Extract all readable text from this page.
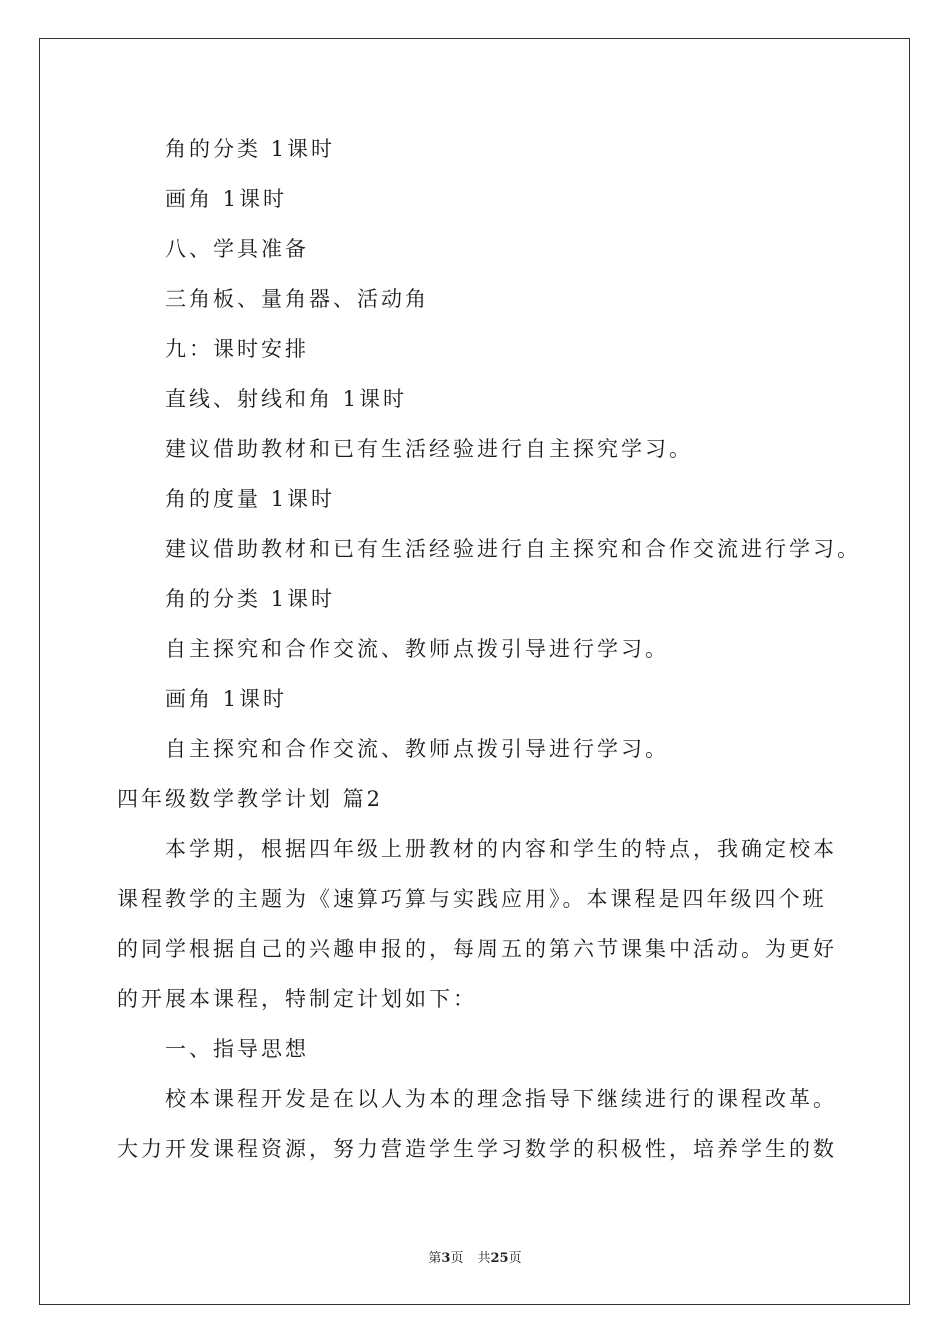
角的分类 1课时
画角 1课时
八、学具准备
三角板、量角器、活动角
九：课时安排
直线、射线和角 1课时
建议借助教材和已有生活经验进行自主探究学习。
角的度量 1课时
建议借助教材和已有生活经验进行自主探究和合作交流进行学习。
角的分类 1课时
自主探究和合作交流、教师点拨引导进行学习。
画角 1课时
自主探究和合作交流、教师点拨引导进行学习。
四年级数学教学计划 篇2
本学期，根据四年级上册教材的内容和学生的特点，我确定校本
课程教学的主题为《速算巧算与实践应用》。本课程是四年级四个班
的同学根据自己的兴趣申报的，每周五的第六节课集中活动。为更好
的开展本课程，特制定计划如下：
一、指导思想
校本课程开发是在以人为本的理念指导下继续进行的课程改革。
大力开发课程资源，努力营造学生学习数学的积极性，培养学生的数
第3页 共25页
